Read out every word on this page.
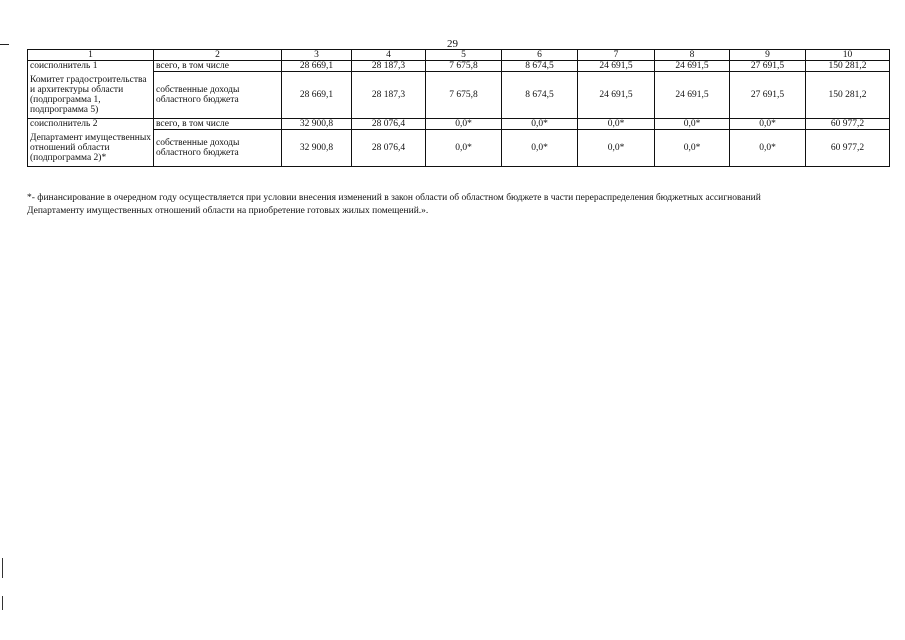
29
1	2	3	4	5	6	7	8	9	10
соисполнитель 1	всего, в том числе	28 669,1	28 187,3	7 675,8	8 674,5	24 691,5	24 691,5	27 691,5	150 281,2
Комитет градостроительства и архитектуры области (подпрограмма 1, подпрограмма 5)	собственные доходы областного бюджета	28 669,1	28 187,3	7 675,8	8 674,5	24 691,5	24 691,5	27 691,5	150 281,2
соисполнитель 2	всего, в том числе	32 900,8	28 076,4	0,0*	0,0*	0,0*	0,0*	0,0*	60 977,2
Департамент имущественных отношений области (подпрограмма 2)*	собственные доходы областного бюджета	32 900,8	28 076,4	0,0*	0,0*	0,0*	0,0*	0,0*	60 977,2

*- финансирование в очередном году осуществляется при условии внесения изменений в закон области об областном бюджете в части перераспределения бюджетных ассигнований

Департаменту имущественных отношений области на приобретение готовых жилых помещений.».
